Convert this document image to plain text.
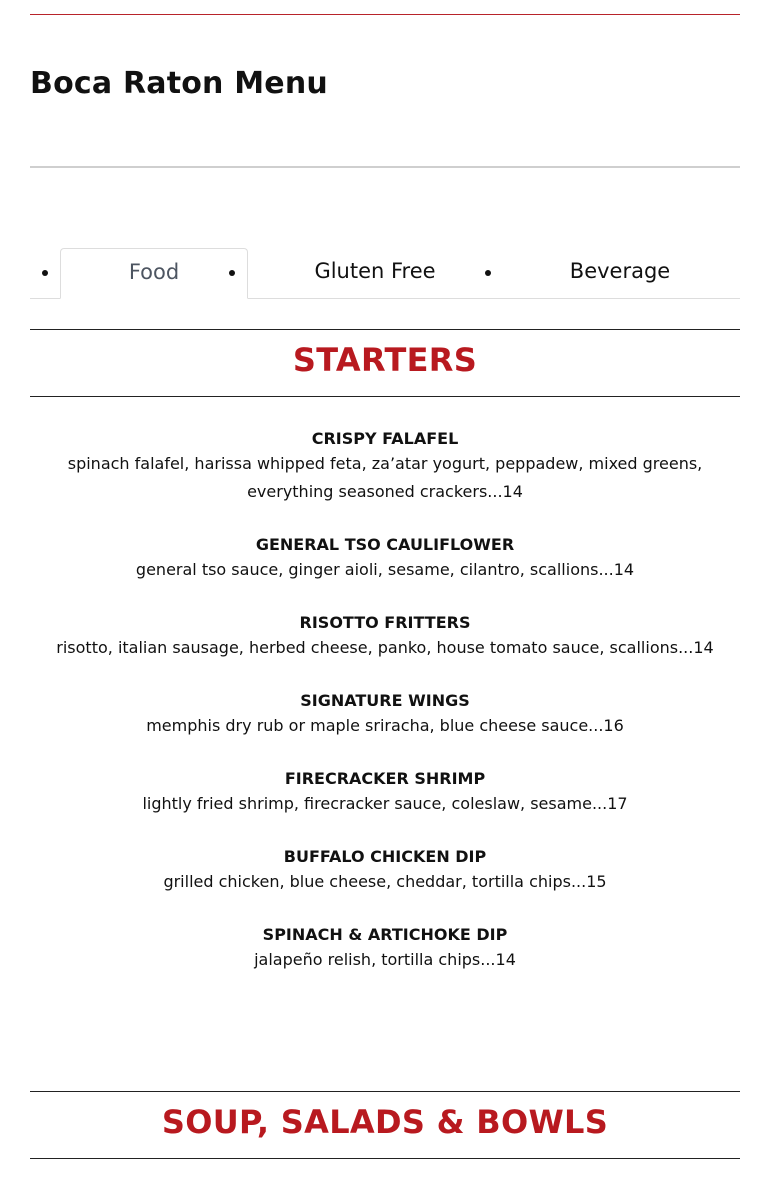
Boca Raton Menu
Food	Gluten Free	Beverage
STARTERS
CRISPY FALAFEL
spinach falafel, harissa whipped feta, za’atar yogurt, peppadew, mixed greens, everything seasoned crackers...14
GENERAL TSO CAULIFLOWER
general tso sauce, ginger aioli, sesame, cilantro, scallions...14
RISOTTO FRITTERS
risotto, italian sausage, herbed cheese, panko, house tomato sauce, scallions...14
SIGNATURE WINGS
memphis dry rub or maple sriracha, blue cheese sauce...16
FIRECRACKER SHRIMP
lightly fried shrimp, firecracker sauce, coleslaw, sesame...17
BUFFALO CHICKEN DIP
grilled chicken, blue cheese, cheddar, tortilla chips...15
SPINACH & ARTICHOKE DIP
jalapeño relish, tortilla chips...14
SOUP, SALADS & BOWLS
